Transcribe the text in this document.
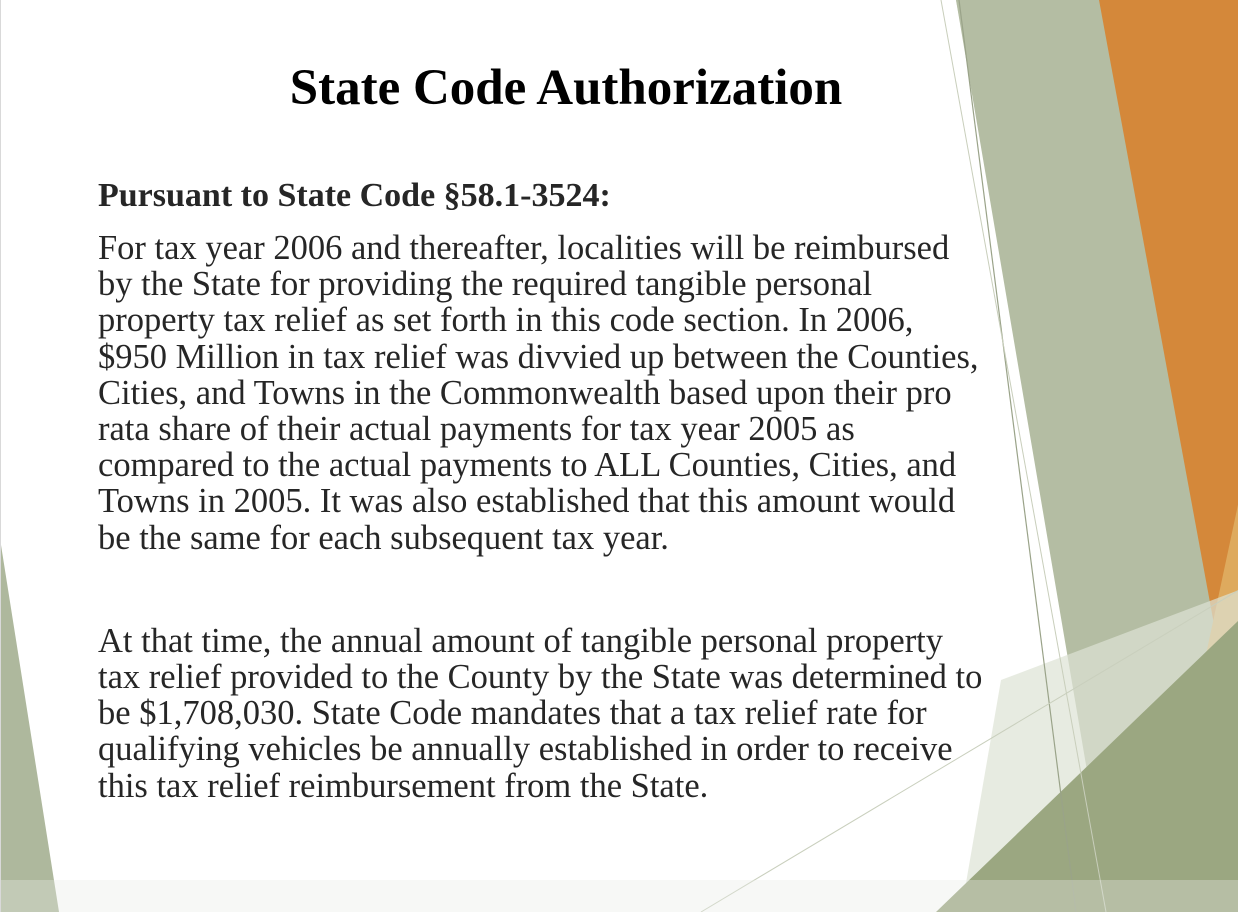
State Code Authorization

Pursuant to State Code §58.1-3524:

For tax year 2006 and thereafter, localities will be reimbursed
by the State for providing the required tangible personal
property tax relief as set forth in this code section. In 2006,
$950 Million in tax relief was divvied up between the Counties,
Cities, and Towns in the Commonwealth based upon their pro
rata share of their actual payments for tax year 2005 as
compared to the actual payments to ALL Counties, Cities, and
Towns in 2005. It was also established that this amount would
be the same for each subsequent tax year.

At that time, the annual amount of tangible personal property
tax relief provided to the County by the State was determined to
be $1,708,030. State Code mandates that a tax relief rate for
qualifying vehicles be annually established in order to receive
this tax relief reimbursement from the State.
